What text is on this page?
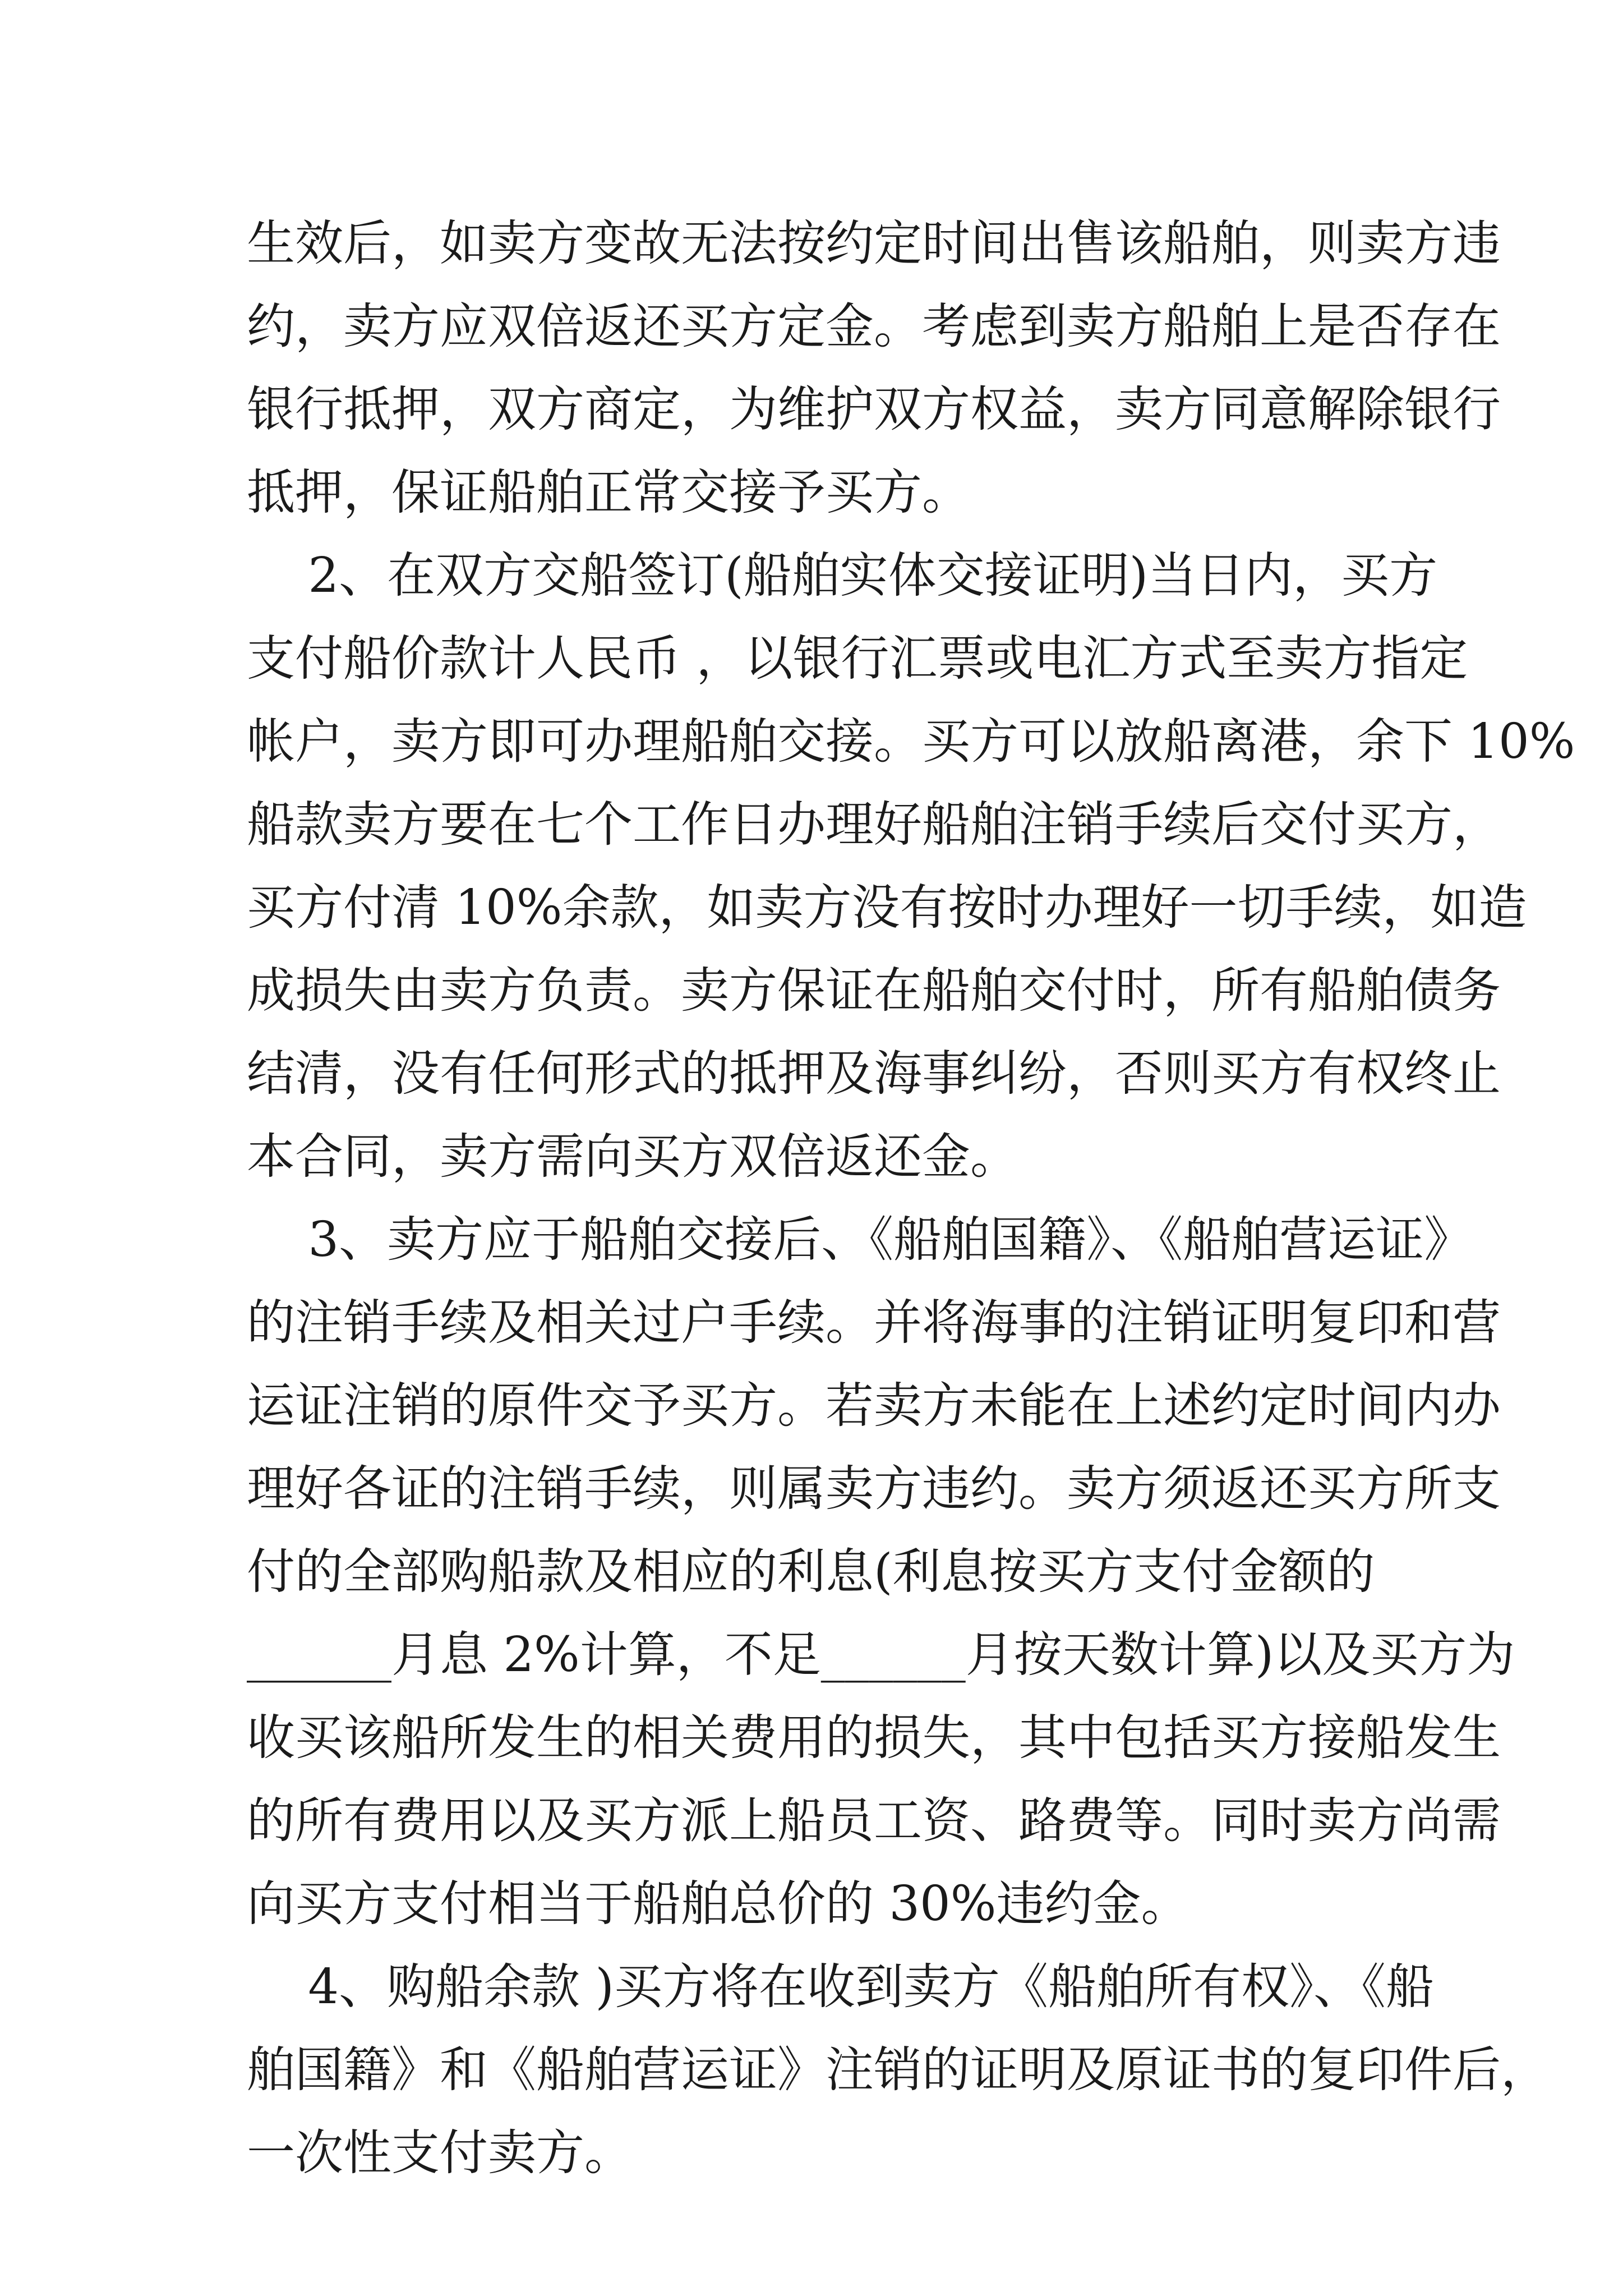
生效后，如卖方变故无法按约定时间出售该船舶，则卖方违
约，卖方应双倍返还买方定金。考虑到卖方船舶上是否存在
银行抵押，双方商定，为维护双方权益，卖方同意解除银行
抵押，保证船舶正常交接予买方。
2、在双方交船签订(船舶实体交接证明)当日内，买方
支付船价款计人民币 ，以银行汇票或电汇方式至卖方指定
帐户，卖方即可办理船舶交接。买方可以放船离港，余下 10%
船款卖方要在七个工作日办理好船舶注销手续后交付买方，
买方付清 10%余款，如卖方没有按时办理好一切手续，如造
成损失由卖方负责。卖方保证在船舶交付时，所有船舶债务
结清，没有任何形式的抵押及海事纠纷，否则买方有权终止
本合同，卖方需向买方双倍返还金。
3、卖方应于船舶交接后、《船舶国籍》、《船舶营运证》
的注销手续及相关过户手续。并将海事的注销证明复印和营
运证注销的原件交予买方。若卖方未能在上述约定时间内办
理好各证的注销手续，则属卖方违约。卖方须返还买方所支
付的全部购船款及相应的利息(利息按买方支付金额的
______月息 2%计算，不足______月按天数计算)以及买方为
收买该船所发生的相关费用的损失，其中包括买方接船发生
的所有费用以及买方派上船员工资、路费等。同时卖方尚需
向买方支付相当于船舶总价的 30%违约金。
4、购船余款 )买方将在收到卖方《船舶所有权》、《船
舶国籍》和《船舶营运证》注销的证明及原证书的复印件后，
一次性支付卖方。
